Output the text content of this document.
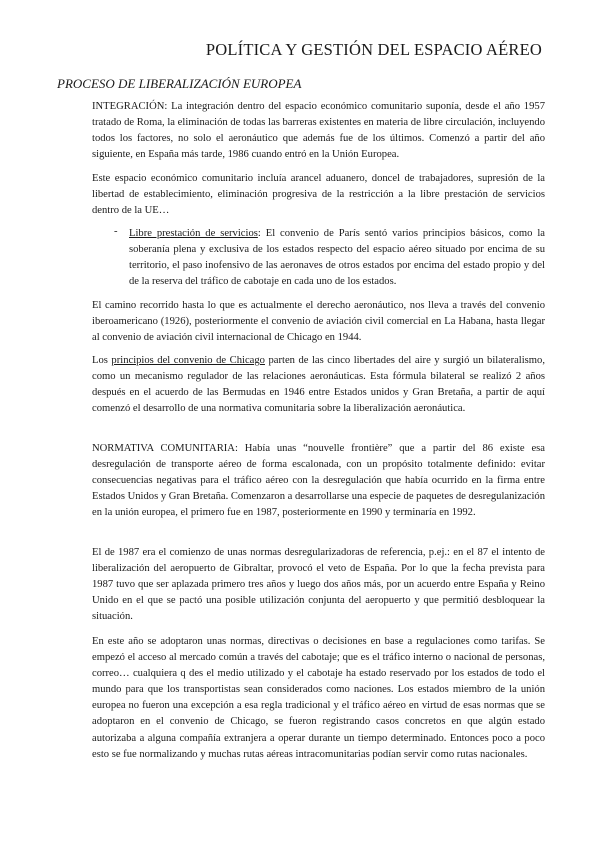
POLÍTICA Y GESTIÓN DEL ESPACIO AÉREO
PROCESO DE LIBERALIZACIÓN EUROPEA

INTEGRACIÓN: La integración dentro del espacio económico comunitario suponía, desde el año 1957 tratado de Roma, la eliminación de todas las barreras existentes en materia de libre circulación, incluyendo todos los factores, no solo el aeronáutico que además fue de los últimos. Comenzó a partir del año siguiente, en España más tarde, 1986 cuando entró en la Unión Europea.

Este espacio económico comunitario incluía arancel aduanero, doncel de trabajadores, supresión de la libertad de establecimiento, eliminación progresiva de la restricción a la libre prestación de servicios dentro de la UE…

- Libre prestación de servicios: El convenio de París sentó varios principios básicos, como la soberanía plena y exclusiva de los estados respecto del espacio aéreo situado por encima de su territorio, el paso inofensivo de las aeronaves de otros estados por encima del estado propio y del de la reserva del tráfico de cabotaje en cada uno de los estados.

El camino recorrido hasta lo que es actualmente el derecho aeronáutico, nos lleva a través del convenio iberoamericano (1926), posteriormente el convenio de aviación civil comercial en La Habana, hasta llegar al convenio de aviación civil internacional de Chicago en 1944.

Los principios del convenio de Chicago parten de las cinco libertades del aire y surgió un bilateralismo, como un mecanismo regulador de las relaciones aeronáuticas. Esta fórmula bilateral se realizó 2 años después en el acuerdo de las Bermudas en 1946 entre Estados unidos y Gran Bretaña, a partir de aquí comenzó el desarrollo de una normativa comunitaria sobre la liberalización aeronáutica.

NORMATIVA COMUNITARIA: Había unas “nouvelle frontière” que a partir del 86 existe esa desregulación de transporte aéreo de forma escalonada, con un propósito totalmente definido: evitar consecuencias negativas para el tráfico aéreo con la desregulación que había ocurrido en la firma entre Estados Unidos y Gran Bretaña. Comenzaron a desarrollarse una especie de paquetes de desregulanización en la unión europea, el primero fue en 1987, posteriormente en 1990 y terminaría en 1992.

El de 1987 era el comienzo de unas normas desregularizadoras de referencia, p.ej.: en el 87 el intento de liberalización del aeropuerto de Gibraltar, provocó el veto de España. Por lo que la fecha prevista para 1987 tuvo que ser aplazada primero tres años y luego dos años más, por un acuerdo entre España y Reino Unido en el que se pactó una posible utilización conjunta del aeropuerto y que permitió desbloquear la situación.

En este año se adoptaron unas normas, directivas o decisiones en base a regulaciones como tarifas. Se empezó el acceso al mercado común a través del cabotaje; que es el tráfico interno o nacional de personas, correo… cualquiera q des el medio utilizado y el cabotaje ha estado reservado por los estados de todo el mundo para que los transportistas sean considerados como naciones. Los estados miembro de la unión europea no fueron una excepción a esa regla tradicional y el tráfico aéreo en virtud de esas normas que se adoptaron en el convenio de Chicago, se fueron registrando casos concretos en que algún estado autorizaba a alguna compañía extranjera a operar durante un tiempo determinado. Entonces poco a poco esto se fue normalizando y muchas rutas aéreas intracomunitarias podían servir como rutas nacionales.
